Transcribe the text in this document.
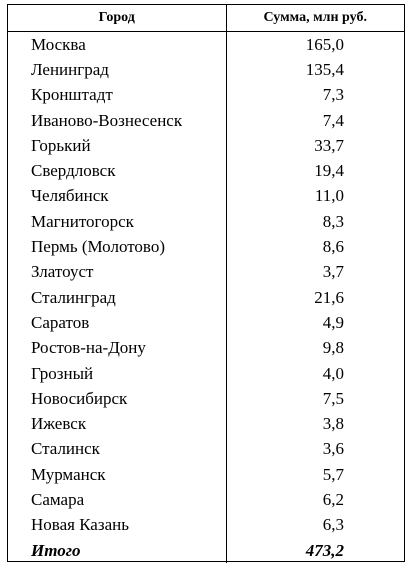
Город	Сумма, млн руб.
Москва	165,0
Ленинград	135,4
Кронштадт	7,3
Иваново-Вознесенск	7,4
Горький	33,7
Свердловск	19,4
Челябинск	11,0
Магнитогорск	8,3
Пермь (Молотово)	8,6
Златоуст	3,7
Сталинград	21,6
Саратов	4,9
Ростов-на-Дону	9,8
Грозный	4,0
Новосибирск	7,5
Ижевск	3,8
Сталинск	3,6
Мурманск	5,7
Самара	6,2
Новая Казань	6,3
Итого	473,2
